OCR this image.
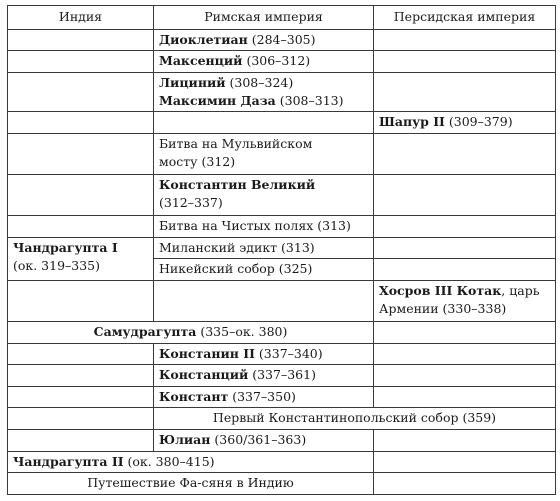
Индия	Римская империя	Персидская империя
	Диоклетиан (284–305)	
	Максенций (306–312)	

	Лициний (308–324)
Максимин Даза (308–313)	

		Шапур II (309–379)

	Битва на Мульвийском
мосту (312)	

	Константин Великий
(312–337)	

	Битва на Чистых полях (313)	

Чандрагупта I
(ок. 319–335)	Миланский эдикт (313)	
	Никейский собор (325)	

		Хосров III Котак, царь
Армении (330–338)

Самудрагупта (335–ок. 380)		
	Констанин II (337–340)	
	Констанций (337–361)	
	Констант (337–350)	
	Первый Константинопольский собор (359)	
	Юлиан (360/361–363)	
Чандрагупта II (ок. 380–415)		
Путешествие Фа-сяня в Индию		
